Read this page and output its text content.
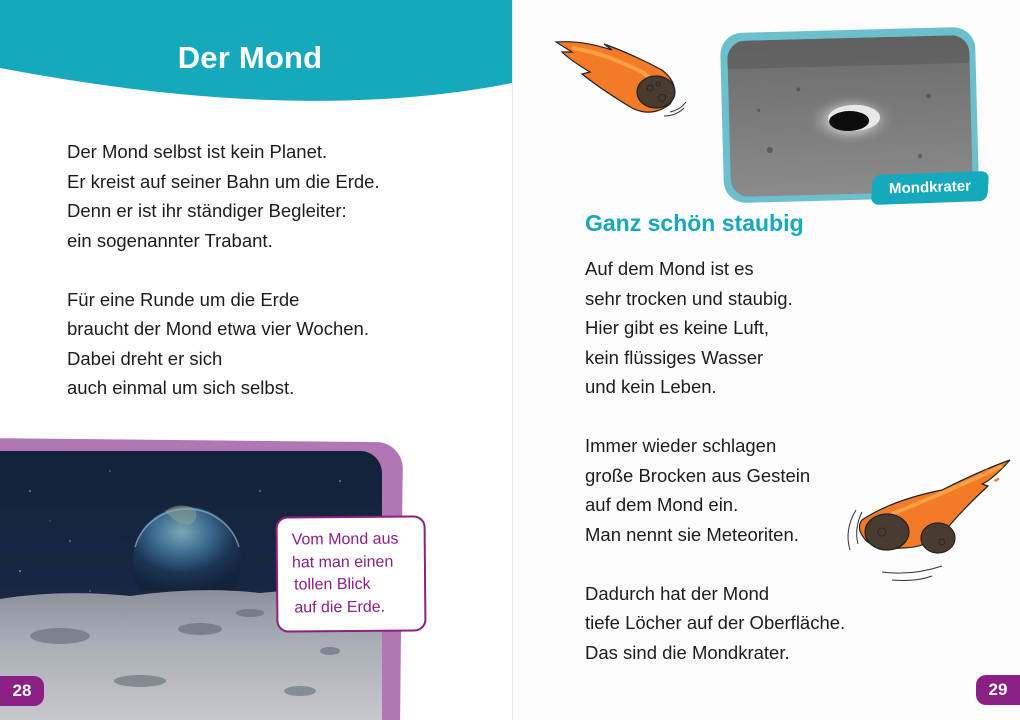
Der Mond
Der Mond selbst ist kein Planet.
Er kreist auf seiner Bahn um die Erde.
Denn er ist ihr ständiger Begleiter:
ein sogenannter Trabant.
Für eine Runde um die Erde
braucht der Mond etwa vier Wochen.
Dabei dreht er sich
auch einmal um sich selbst.
Vom Mond aus
hat man einen
tollen Blick
auf die Erde.
28
Mondkrater
Ganz schön staubig
Auf dem Mond ist es
sehr trocken und staubig.
Hier gibt es keine Luft,
kein flüssiges Wasser
und kein Leben.
Immer wieder schlagen
große Brocken aus Gestein
auf dem Mond ein.
Man nennt sie Meteoriten.
Dadurch hat der Mond
tiefe Löcher auf der Oberfläche.
Das sind die Mondkrater.
29
